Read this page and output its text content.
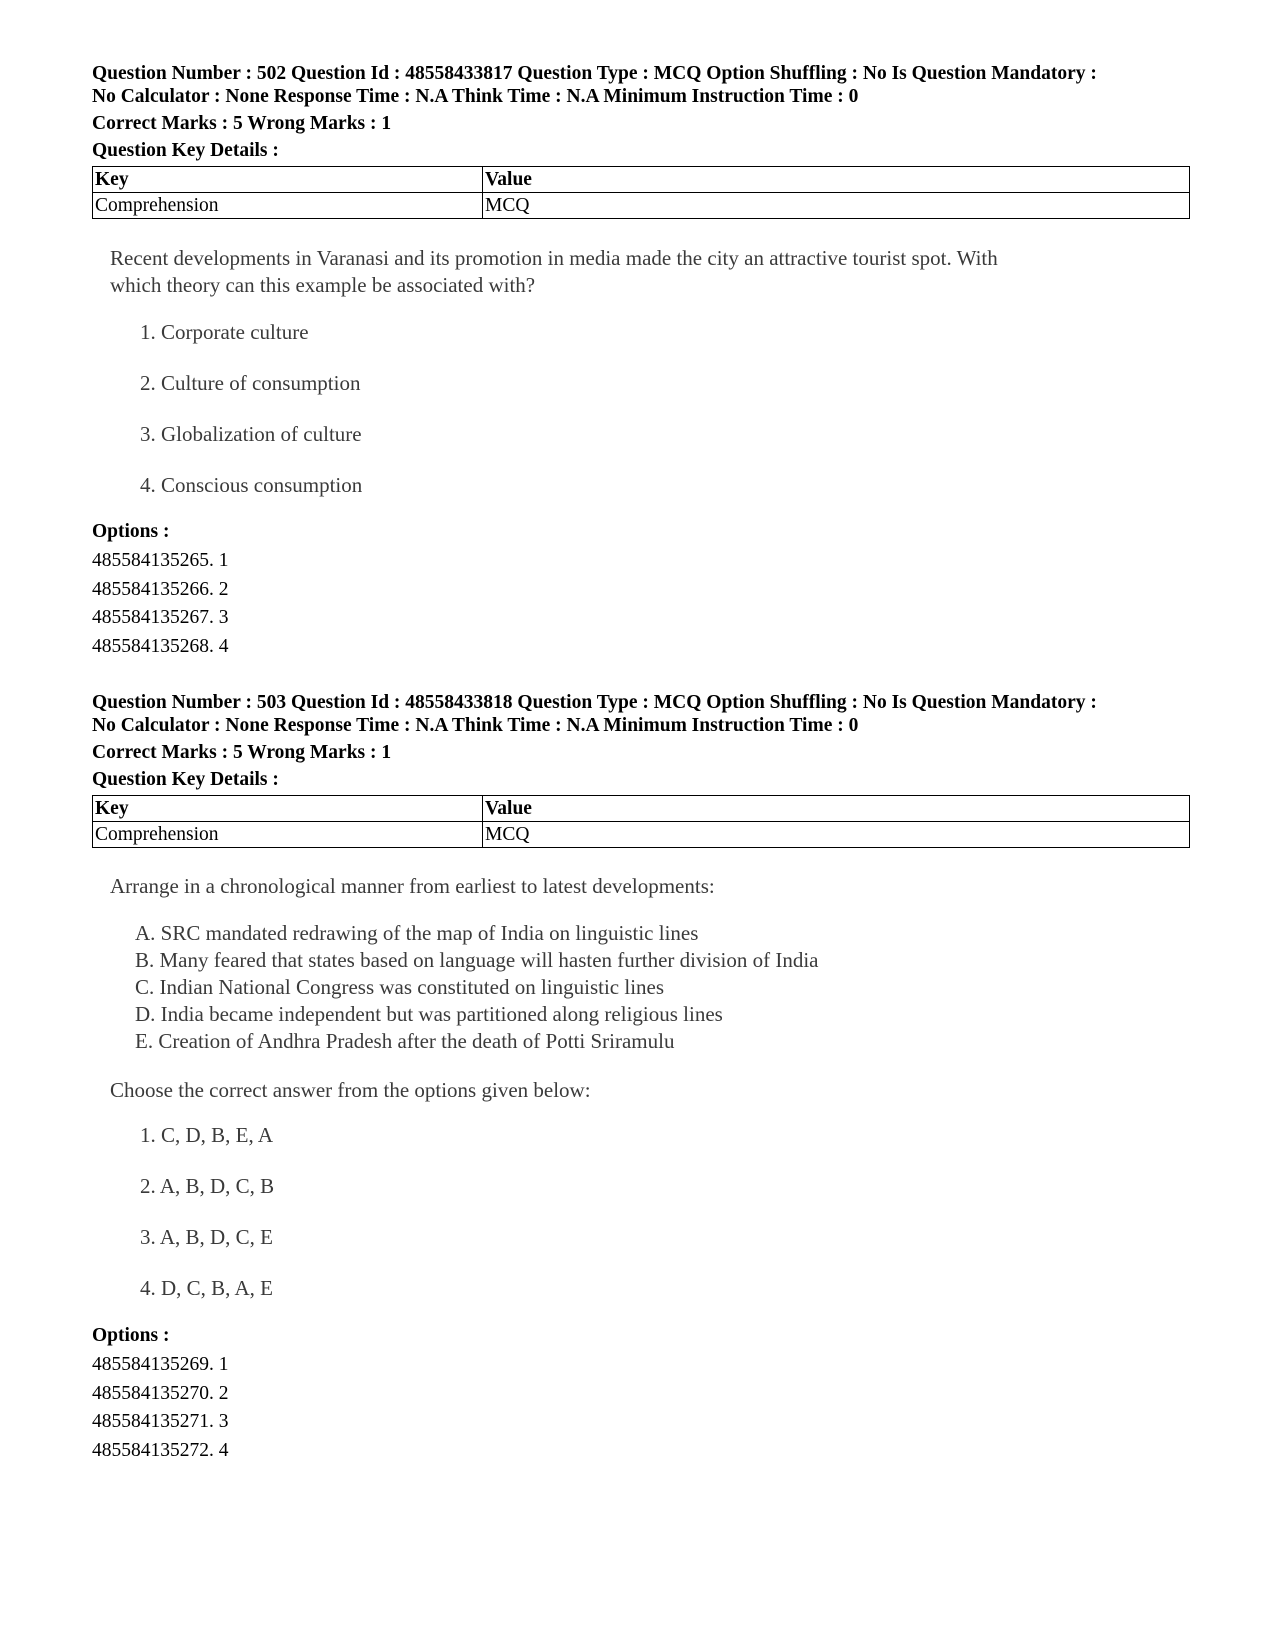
Question Number : 502 Question Id : 48558433817 Question Type : MCQ Option Shuffling : No Is Question Mandatory :
No Calculator : None Response Time : N.A Think Time : N.A Minimum Instruction Time : 0
Correct Marks : 5 Wrong Marks : 1
Question Key Details :
Key	Value
Comprehension	MCQ

Recent developments in Varanasi and its promotion in media made the city an attractive tourist spot. With

which theory can this example be associated with?

1. Corporate culture
2. Culture of consumption
3. Globalization of culture
4. Conscious consumption
Options :
485584135265. 1
485584135266. 2
485584135267. 3
485584135268. 4
Question Number : 503 Question Id : 48558433818 Question Type : MCQ Option Shuffling : No Is Question Mandatory :
No Calculator : None Response Time : N.A Think Time : N.A Minimum Instruction Time : 0
Correct Marks : 5 Wrong Marks : 1
Question Key Details :
Key	Value
Comprehension	MCQ

Arrange in a chronological manner from earliest to latest developments:

A. SRC mandated redrawing of the map of India on linguistic lines

B. Many feared that states based on language will hasten further division of India

C. Indian National Congress was constituted on linguistic lines

D. India became independent but was partitioned along religious lines

E. Creation of Andhra Pradesh after the death of Potti Sriramulu

Choose the correct answer from the options given below:

1. C, D, B, E, A
2. A, B, D, C, B
3. A, B, D, C, E
4. D, C, B, A, E
Options :
485584135269. 1
485584135270. 2
485584135271. 3
485584135272. 4
